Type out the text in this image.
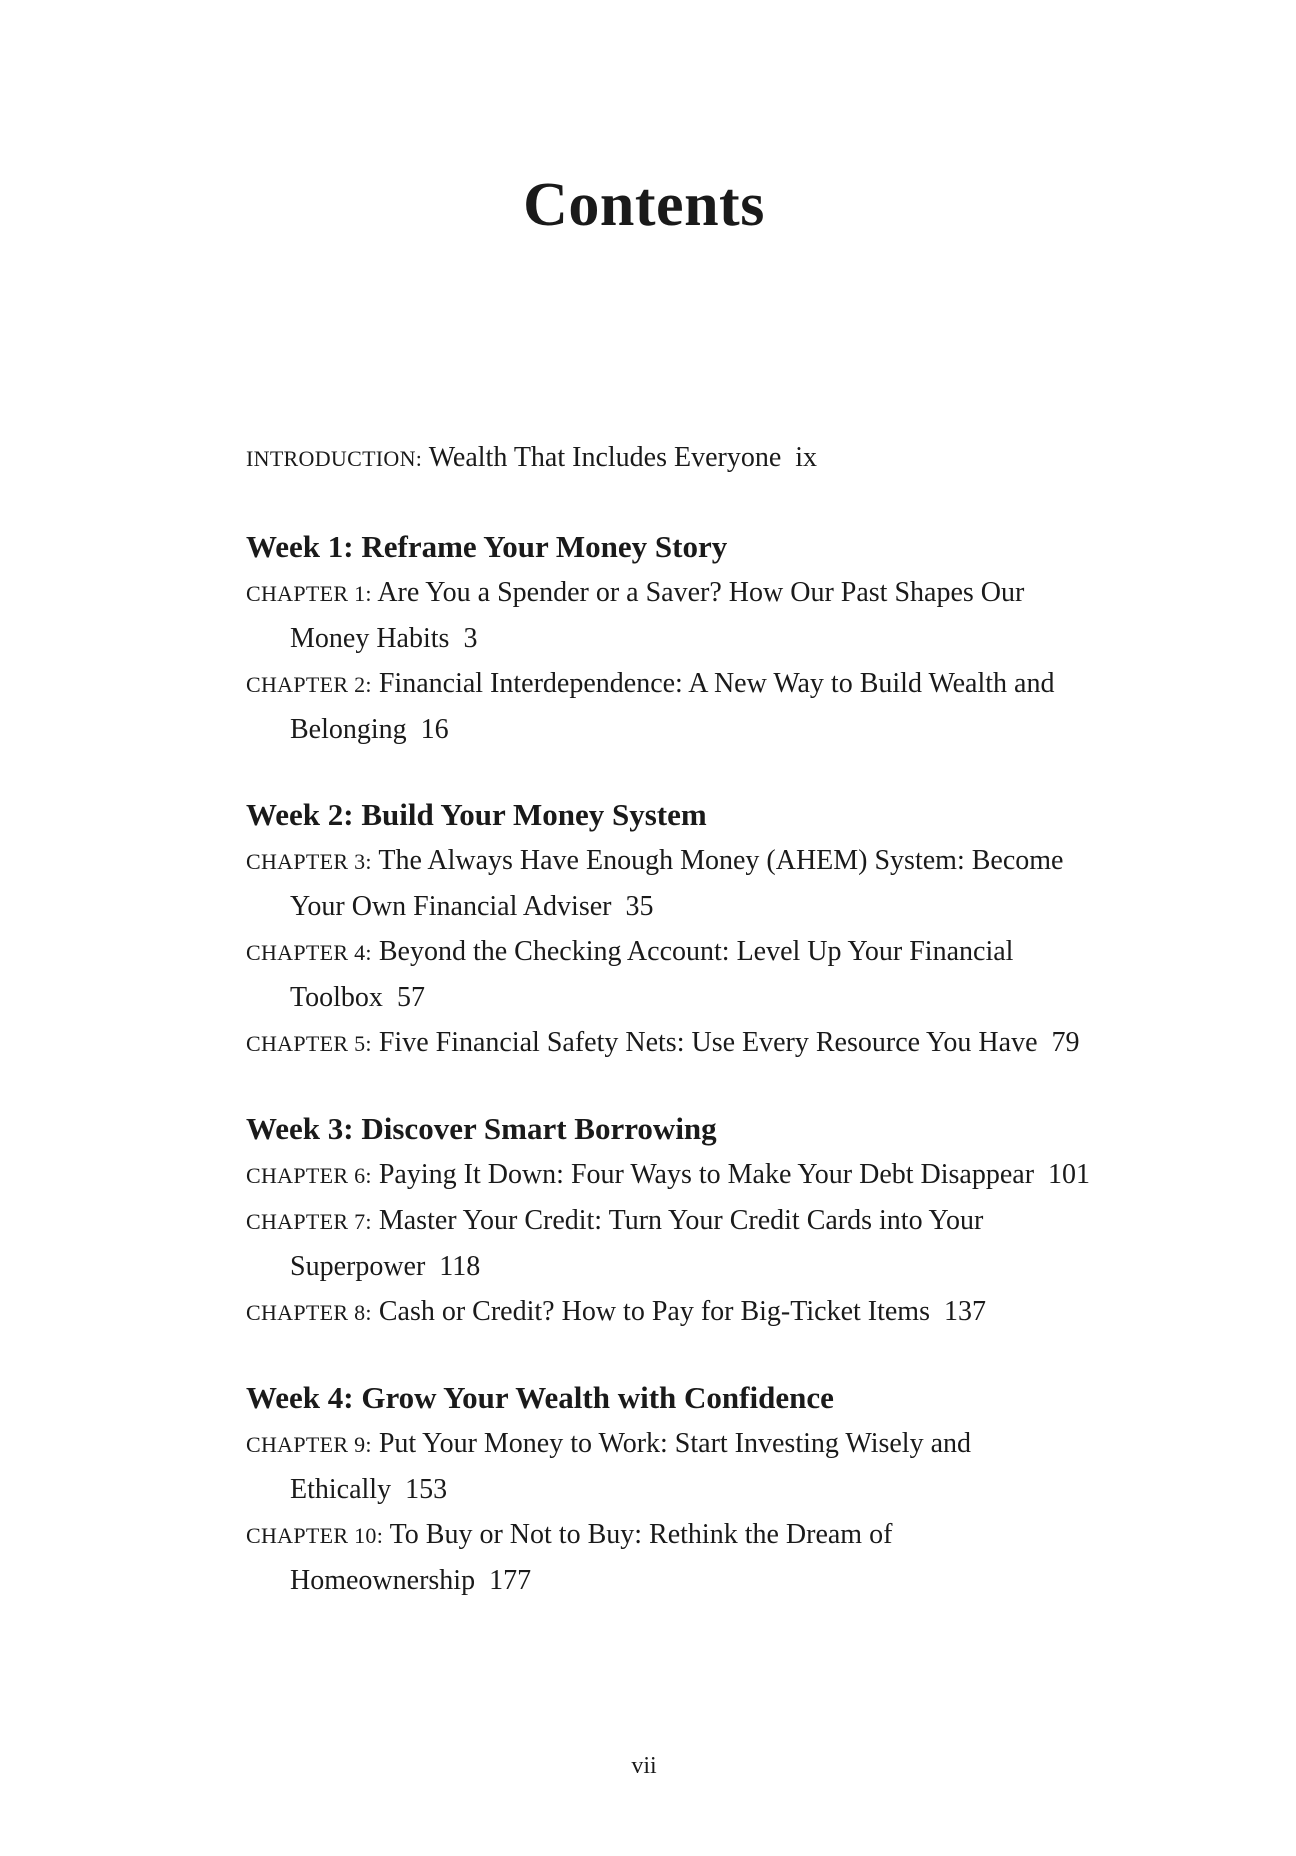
Contents
INTRODUCTION: Wealth That Includes Everyone ix
Week 1: Reframe Your Money Story
CHAPTER 1: Are You a Spender or a Saver? How Our Past Shapes Our Money Habits 3
CHAPTER 2: Financial Interdependence: A New Way to Build Wealth and Belonging 16
Week 2: Build Your Money System
CHAPTER 3: The Always Have Enough Money (AHEM) System: Become Your Own Financial Adviser 35
CHAPTER 4: Beyond the Checking Account: Level Up Your Financial Toolbox 57
CHAPTER 5: Five Financial Safety Nets: Use Every Resource You Have 79
Week 3: Discover Smart Borrowing
CHAPTER 6: Paying It Down: Four Ways to Make Your Debt Disappear 101
CHAPTER 7: Master Your Credit: Turn Your Credit Cards into Your Superpower 118
CHAPTER 8: Cash or Credit? How to Pay for Big-Ticket Items 137
Week 4: Grow Your Wealth with Confidence
CHAPTER 9: Put Your Money to Work: Start Investing Wisely and Ethically 153
CHAPTER 10: To Buy or Not to Buy: Rethink the Dream of Homeownership 177
vii
